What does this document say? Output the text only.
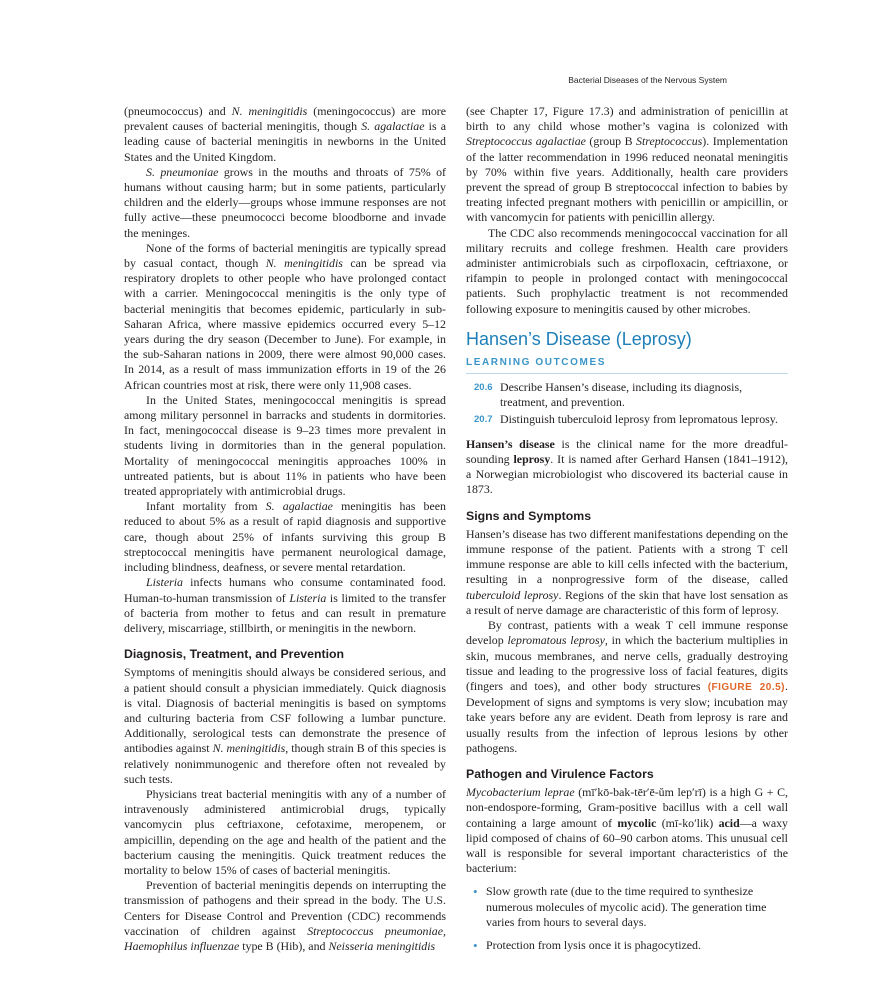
Bacterial Diseases of the Nervous System

(pneumococcus) and N. meningitidis (meningococcus) are more prevalent causes of bacterial meningitis, though S. agalactiae is a leading cause of bacterial meningitis in newborns in the United States and the United Kingdom.

S. pneumoniae grows in the mouths and throats of 75% of humans without causing harm; but in some patients, particularly children and the elderly—groups whose immune responses are not fully active—these pneumococci become bloodborne and invade the meninges.

None of the forms of bacterial meningitis are typically spread by casual contact, though N. meningitidis can be spread via respiratory droplets to other people who have prolonged contact with a carrier. Meningococcal meningitis is the only type of bacterial meningitis that becomes epidemic, particularly in sub-Saharan Africa, where massive epidemics occurred every 5–12 years during the dry season (December to June). For example, in the sub-Saharan nations in 2009, there were almost 90,000 cases. In 2014, as a result of mass immunization efforts in 19 of the 26 African countries most at risk, there were only 11,908 cases.

In the United States, meningococcal meningitis is spread among military personnel in barracks and students in dormitories. In fact, meningococcal disease is 9–23 times more prevalent in students living in dormitories than in the general population. Mortality of meningococcal meningitis approaches 100% in untreated patients, but is about 11% in patients who have been treated appropriately with antimicrobial drugs.

Infant mortality from S. agalactiae meningitis has been reduced to about 5% as a result of rapid diagnosis and supportive care, though about 25% of infants surviving this group B streptococcal meningitis have permanent neurological damage, including blindness, deafness, or severe mental retardation.

Listeria infects humans who consume contaminated food. Human-to-human transmission of Listeria is limited to the transfer of bacteria from mother to fetus and can result in premature delivery, miscarriage, stillbirth, or meningitis in the newborn.

Diagnosis, Treatment, and Prevention

Symptoms of meningitis should always be considered serious, and a patient should consult a physician immediately. Quick diagnosis is vital. Diagnosis of bacterial meningitis is based on symptoms and culturing bacteria from CSF following a lumbar puncture. Additionally, serological tests can demonstrate the presence of antibodies against N. meningitidis, though strain B of this species is relatively nonimmunogenic and therefore often not revealed by such tests.

Physicians treat bacterial meningitis with any of a number of intravenously administered antimicrobial drugs, typically vancomycin plus ceftriaxone, cefotaxime, meropenem, or ampicillin, depending on the age and health of the patient and the bacterium causing the meningitis. Quick treatment reduces the mortality to below 15% of cases of bacterial meningitis.

Prevention of bacterial meningitis depends on interrupting the transmission of pathogens and their spread in the body. The U.S. Centers for Disease Control and Prevention (CDC) recommends vaccination of children against Streptococcus pneumoniae, Haemophilus influenzae type B (Hib), and Neisseria meningitidis

(see Chapter 17, Figure 17.3) and administration of penicillin at birth to any child whose mother’s vagina is colonized with Streptococcus agalactiae (group B Streptococcus). Implementation of the latter recommendation in 1996 reduced neonatal meningitis by 70% within five years. Additionally, health care providers prevent the spread of group B streptococcal infection to babies by treating infected pregnant mothers with penicillin or ampicillin, or with vancomycin for patients with penicillin allergy.

The CDC also recommends meningococcal vaccination for all military recruits and college freshmen. Health care providers administer antimicrobials such as cirpofloxacin, ceftriaxone, or rifampin to people in prolonged contact with meningococcal patients. Such prophylactic treatment is not recommended following exposure to meningitis caused by other microbes.

Hansen’s Disease (Leprosy)
LEARNING OUTCOMES
20.6 Describe Hansen’s disease, including its diagnosis, treatment, and prevention.
20.7 Distinguish tuberculoid leprosy from lepromatous leprosy.

Hansen’s disease is the clinical name for the more dreadful-sounding leprosy. It is named after Gerhard Hansen (1841–1912), a Norwegian microbiologist who discovered its bacterial cause in 1873.

Signs and Symptoms

Hansen’s disease has two different manifestations depending on the immune response of the patient. Patients with a strong T cell immune response are able to kill cells infected with the bacterium, resulting in a nonprogressive form of the disease, called tuberculoid leprosy. Regions of the skin that have lost sensation as a result of nerve damage are characteristic of this form of leprosy.

By contrast, patients with a weak T cell immune response develop lepromatous leprosy, in which the bacterium multiplies in skin, mucous membranes, and nerve cells, gradually destroying tissue and leading to the progressive loss of facial features, digits (fingers and toes), and other body structures (FIGURE 20.5). Development of signs and symptoms is very slow; incubation may take years before any are evident. Death from leprosy is rare and usually results from the infection of leprous lesions by other pathogens.

Pathogen and Virulence Factors

Mycobacterium leprae (mī′kō-bak-tēr′ē-ŭm lep′rī) is a high G + C, non-endospore-forming, Gram-positive bacillus with a cell wall containing a large amount of mycolic (mī-ko′lik) acid—a waxy lipid composed of chains of 60–90 carbon atoms. This unusual cell wall is responsible for several important characteristics of the bacterium:

• Slow growth rate (due to the time required to synthesize numerous molecules of mycolic acid). The generation time varies from hours to several days.
• Protection from lysis once it is phagocytized.
